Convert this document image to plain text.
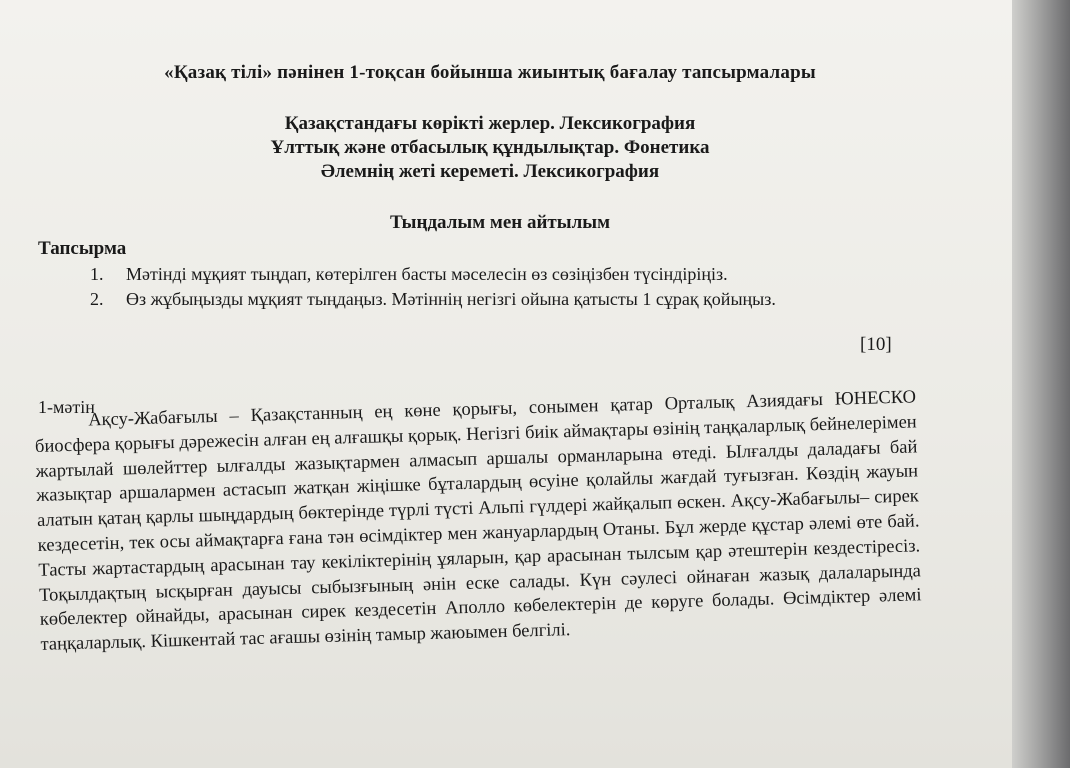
«Қазақ тілі» пәнінен 1-тоқсан бойынша жиынтық бағалау тапсырмалары
Қазақстандағы көрікті жерлер. Лексикография
Ұлттық және отбасылық құндылықтар. Фонетика
Әлемнің жеті кереметі. Лексикография
Тыңдалым мен айтылым
Тапсырма
1. Мәтінді мұқият тыңдап, көтерілген басты мәселесін өз сөзіңізбен түсіндіріңіз.
2. Өз жұбыңызды мұқият тыңдаңыз. Мәтіннің негізгі ойына қатысты 1 сұрақ қойыңыз.
[10]
1-мәтін
Ақсу-Жабағылы – Қазақстанның ең көне қорығы, сонымен қатар Орталық Азиядағы ЮНЕСКО биосфера қорығы дәрежесін алған ең алғашқы қорық. Негізгі биік аймақтары өзінің таңқаларлық бейнелерімен жартылай шөлейттер ылғалды жазықтармен алмасып аршалы орманларына өтеді. Ылғалды даладағы бай жазықтар аршалармен астасып жатқан жіңішке бұталардың өсуіне қолайлы жағдай туғызған. Көздің жауын алатын қатаң қарлы шыңдардың бөктерінде түрлі түсті Альпі гүлдері жайқалып өскен. Ақсу-Жабағылы– сирек кездесетін, тек осы аймақтарға ғана тән өсімдіктер мен жануарлардың Отаны. Бұл жерде құстар әлемі өте бай. Тасты жартастардың арасынан тау кекіліктерінің ұяларын, қар арасынан тылсым қар әтештерін кездестіресіз. Тоқылдақтың ысқырған дауысы сыбызғының әнін еске салады. Күн сәулесі ойнаған жазық далаларында көбелектер ойнайды, арасынан сирек кездесетін Аполло көбелектерін де көруге болады. Өсімдіктер әлемі таңқаларлық. Кішкентай тас ағашы өзінің тамыр жаюымен белгілі.
